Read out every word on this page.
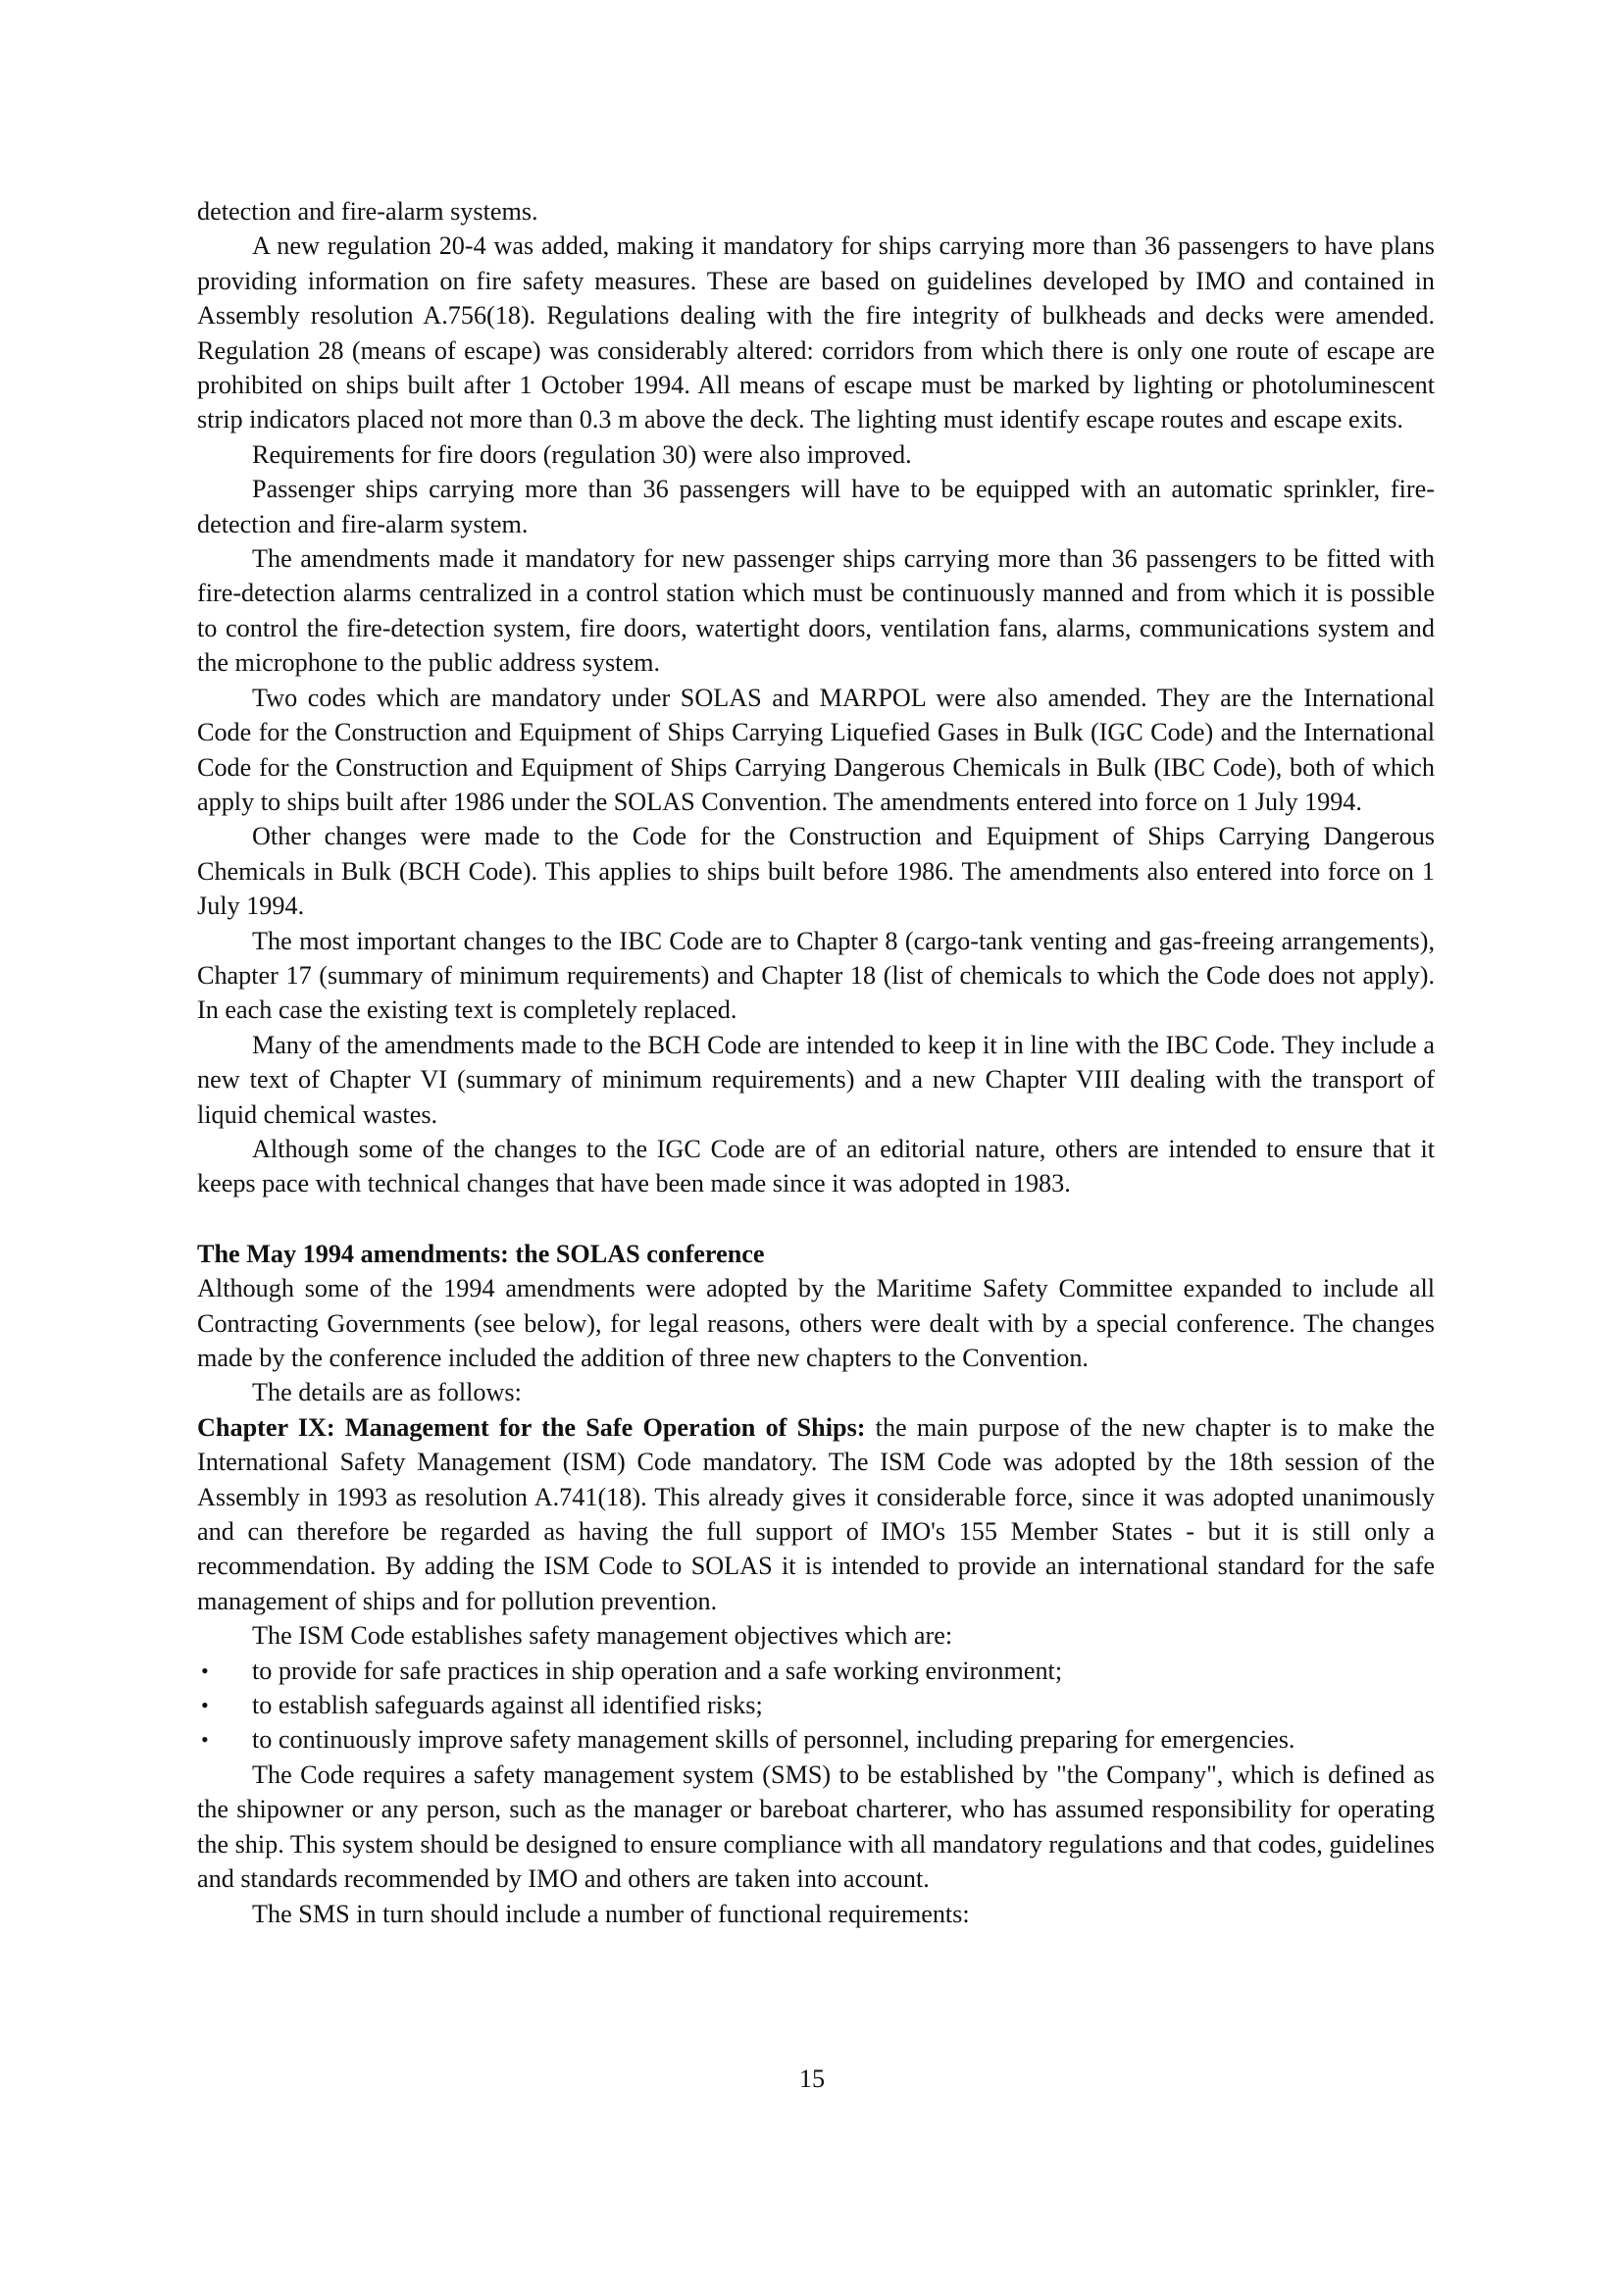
detection and fire-alarm systems.

A new regulation 20-4 was added, making it mandatory for ships carrying more than 36 passengers to have plans providing information on fire safety measures. These are based on guidelines developed by IMO and contained in Assembly resolution A.756(18). Regulations dealing with the fire integrity of bulkheads and decks were amended. Regulation 28 (means of escape) was considerably altered: corridors from which there is only one route of escape are prohibited on ships built after 1 October 1994. All means of escape must be marked by lighting or photoluminescent strip indicators placed not more than 0.3 m above the deck. The lighting must identify escape routes and escape exits.

Requirements for fire doors (regulation 30) were also improved.

Passenger ships carrying more than 36 passengers will have to be equipped with an automatic sprinkler, fire-detection and fire-alarm system.

The amendments made it mandatory for new passenger ships carrying more than 36 passengers to be fitted with fire-detection alarms centralized in a control station which must be continuously manned and from which it is possible to control the fire-detection system, fire doors, watertight doors, ventilation fans, alarms, communications system and the microphone to the public address system.

Two codes which are mandatory under SOLAS and MARPOL were also amended. They are the International Code for the Construction and Equipment of Ships Carrying Liquefied Gases in Bulk (IGC Code) and the International Code for the Construction and Equipment of Ships Carrying Dangerous Chemicals in Bulk (IBC Code), both of which apply to ships built after 1986 under the SOLAS Convention. The amendments entered into force on 1 July 1994.

Other changes were made to the Code for the Construction and Equipment of Ships Carrying Dangerous Chemicals in Bulk (BCH Code). This applies to ships built before 1986. The amendments also entered into force on 1 July 1994.

The most important changes to the IBC Code are to Chapter 8 (cargo-tank venting and gas-freeing arrangements), Chapter 17 (summary of minimum requirements) and Chapter 18 (list of chemicals to which the Code does not apply). In each case the existing text is completely replaced.

Many of the amendments made to the BCH Code are intended to keep it in line with the IBC Code. They include a new text of Chapter VI (summary of minimum requirements) and a new Chapter VIII dealing with the transport of liquid chemical wastes.

Although some of the changes to the IGC Code are of an editorial nature, others are intended to ensure that it keeps pace with technical changes that have been made since it was adopted in 1983.

The May 1994 amendments: the SOLAS conference

Although some of the 1994 amendments were adopted by the Maritime Safety Committee expanded to include all Contracting Governments (see below), for legal reasons, others were dealt with by a special conference. The changes made by the conference included the addition of three new chapters to the Convention.

The details are as follows:

Chapter IX: Management for the Safe Operation of Ships: the main purpose of the new chapter is to make the International Safety Management (ISM) Code mandatory. The ISM Code was adopted by the 18th session of the Assembly in 1993 as resolution A.741(18). This already gives it considerable force, since it was adopted unanimously and can therefore be regarded as having the full support of IMO's 155 Member States - but it is still only a recommendation. By adding the ISM Code to SOLAS it is intended to provide an international standard for the safe management of ships and for pollution prevention.

The ISM Code establishes safety management objectives which are:

• to provide for safe practices in ship operation and a safe working environment;
• to establish safeguards against all identified risks;
• to continuously improve safety management skills of personnel, including preparing for emergencies.

The Code requires a safety management system (SMS) to be established by "the Company", which is defined as the shipowner or any person, such as the manager or bareboat charterer, who has assumed responsibility for operating the ship. This system should be designed to ensure compliance with all mandatory regulations and that codes, guidelines and standards recommended by IMO and others are taken into account.

The SMS in turn should include a number of functional requirements:

15
